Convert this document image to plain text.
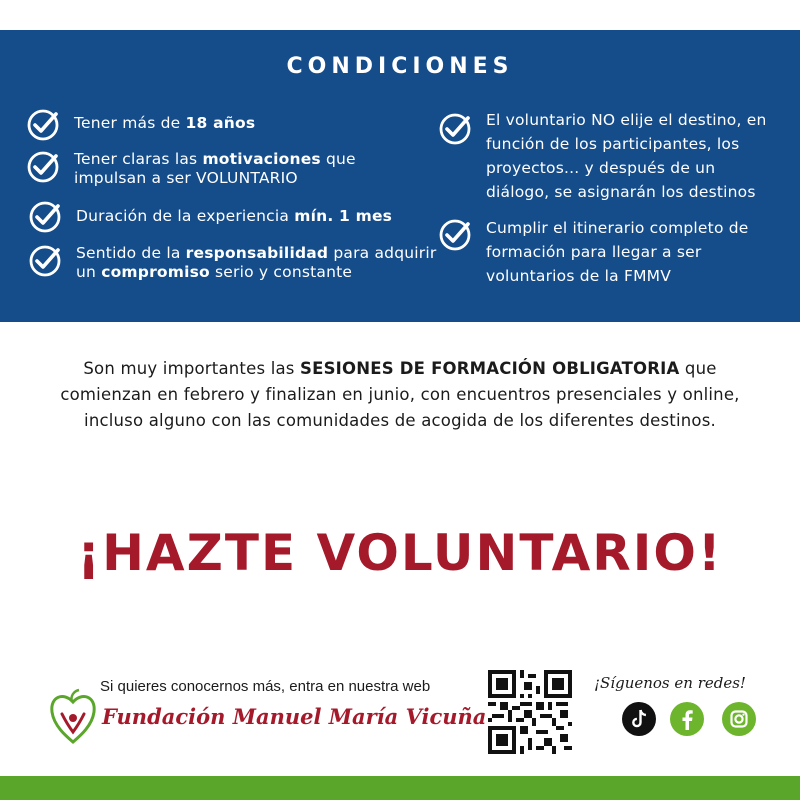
CONDICIONES

Tener más de 18 años

Tener claras las motivaciones que impulsan a ser VOLUNTARIO

Duración de la experiencia mín. 1 mes

Sentido de la responsabilidad para adquirir un compromiso serio y constante

El voluntario NO elije el destino, en función de los participantes, los proyectos... y después de un diálogo, se asignarán los destinos

Cumplir el itinerario completo de formación para llegar a ser voluntarios de la FMMV

Son muy importantes las SESIONES DE FORMACIÓN OBLIGATORIA que comienzan en febrero y finalizan en junio, con encuentros presenciales y online, incluso alguno con las comunidades de acogida de los diferentes destinos.

¡HAZTE VOLUNTARIO!

Si quieres conocernos más, entra en nuestra web

Fundación Manuel María Vicuña

¡Síguenos en redes!
